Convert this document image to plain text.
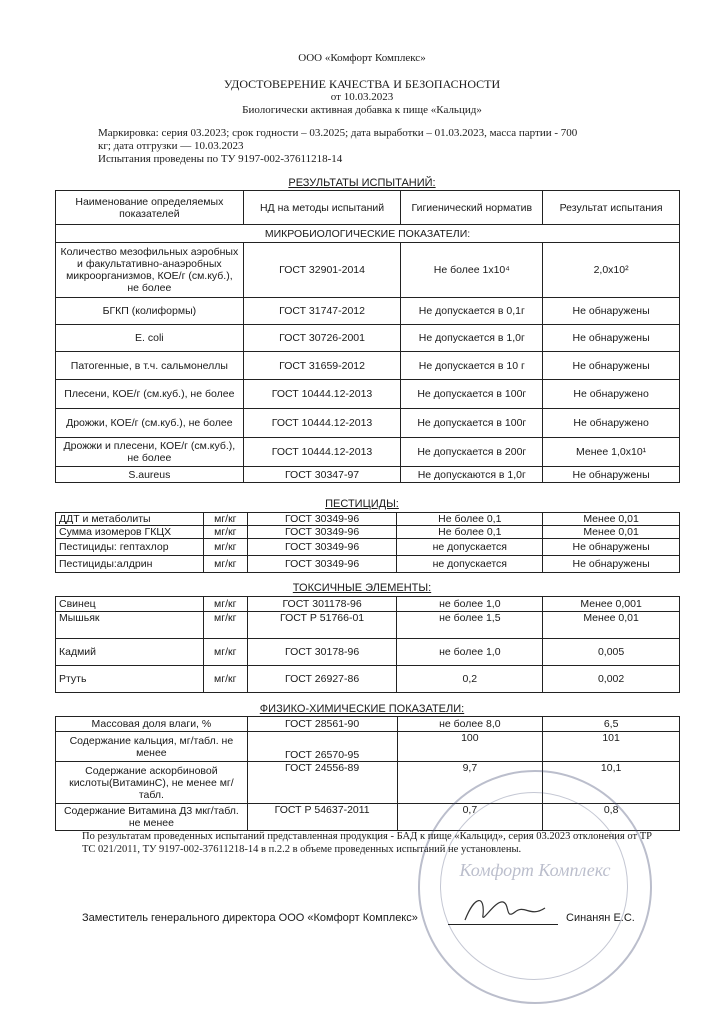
ООО «Комфорт Комплекс»
УДОСТОВЕРЕНИЕ КАЧЕСТВА И БЕЗОПАСНОСТИ
от 10.03.2023
Биологически активная добавка к пище «Кальцид»
Маркировка: серия 03.2023; срок годности – 03.2025; дата выработки – 01.03.2023, масса партии - 700
кг; дата отгрузки — 10.03.2023
Испытания проведены по ТУ 9197-002-37611218-14
РЕЗУЛЬТАТЫ ИСПЫТАНИЙ:
Наименование определяемых показателей	НД на методы испытаний	Гигиенический норматив	Результат испытания
МИКРОБИОЛОГИЧЕСКИЕ ПОКАЗАТЕЛИ:			
Количество мезофильных аэробных и факультативно-анаэробных микроорганизмов, КОЕ/г (см.куб.), не более	ГОСТ 32901-2014	Не более 1х10⁴	2,0х10²
БГКП (колиформы)	ГОСТ 31747-2012	Не допускается в 0,1г	Не обнаружены
E. coli	ГОСТ 30726-2001	Не допускается в 1,0г	Не обнаружены
Патогенные, в т.ч. сальмонеллы	ГОСТ 31659-2012	Не допускается в 10 г	Не обнаружены
Плесени, КОЕ/г (см.куб.), не более	ГОСТ 10444.12-2013	Не допускается в 100г	Не обнаружено
Дрожжи, КОЕ/г (см.куб.), не более	ГОСТ 10444.12-2013	Не допускается в 100г	Не обнаружено
Дрожжи и плесени, КОЕ/г (см.куб.), не более	ГОСТ 10444.12-2013	Не допускается в 200г	Менее 1,0х10¹
S.aureus	ГОСТ 30347-97	Не допускаются в 1,0г	Не обнаружены
ПЕСТИЦИДЫ:
ДДТ и метаболиты	мг/кг	ГОСТ 30349-96	Не более 0,1	Менее 0,01
Сумма изомеров ГКЦХ	мг/кг	ГОСТ 30349-96	Не более 0,1	Менее 0,01
Пестициды: гептахлор	мг/кг	ГОСТ 30349-96	не допускается	Не обнаружены
Пестициды:алдрин	мг/кг	ГОСТ 30349-96	не допускается	Не обнаружены
ТОКСИЧНЫЕ ЭЛЕМЕНТЫ:
Свинец	мг/кг	ГОСТ 301178-96	не более 1,0	Менее 0,001
Мышьяк	мг/кг	ГОСТ Р 51766-01	не более 1,5	Менее 0,01
Кадмий	мг/кг	ГОСТ 30178-96	не более 1,0	0,005
Ртуть	мг/кг	ГОСТ 26927-86	0,2	0,002
ФИЗИКО-ХИМИЧЕСКИЕ ПОКАЗАТЕЛИ:
Массовая доля влаги, %	ГОСТ 28561-90	не более 8,0	6,5
Содержание кальция, мг/табл. не менее	ГОСТ 26570-95	100	101
Содержание аскорбиновой кислоты(ВитаминС), не менее мг/табл.	ГОСТ 24556-89	9,7	10,1
Содержание Витамина Д3 мкг/табл. не менее	ГОСТ Р 54637-2011	0,7	0,8
Комфорт Комплекс
По результатам проведенных испытаний представленная продукция - БАД к пище «Кальцид», серия 03.2023 отклонения от ТР ТС 021/2011, ТУ 9197-002-37611218-14 в п.2.2 в объеме проведенных испытаний не установлены.
Заместитель генерального директора ООО «Комфорт Комплекс»	Синанян Е.С.
